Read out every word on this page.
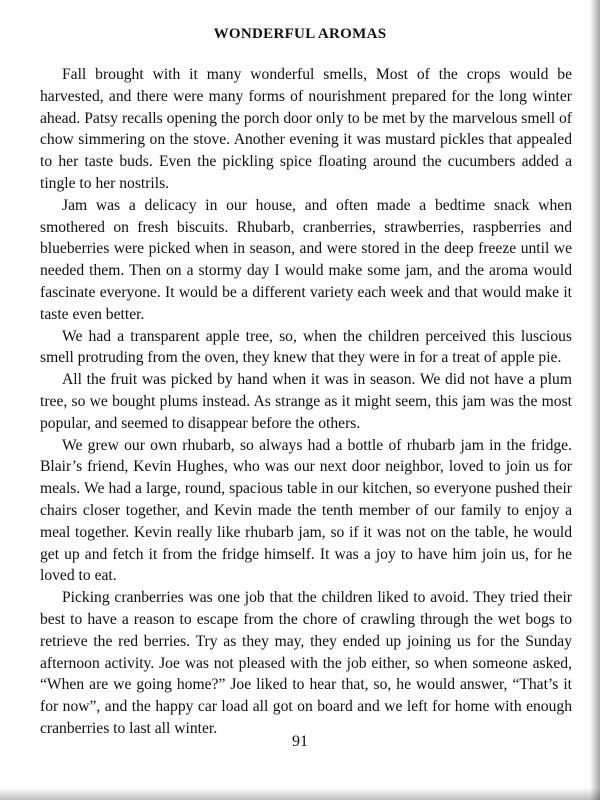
WONDERFUL AROMAS

Fall brought with it many wonderful smells, Most of the crops would be harvested, and there were many forms of nourishment prepared for the long winter ahead. Patsy recalls opening the porch door only to be met by the marvelous smell of chow simmering on the stove. Another evening it was mustard pickles that appealed to her taste buds. Even the pickling spice floating around the cucumbers added a tingle to her nostrils.

Jam was a delicacy in our house, and often made a bedtime snack when smothered on fresh biscuits. Rhubarb, cranberries, strawberries, raspberries and blueberries were picked when in season, and were stored in the deep freeze until we needed them. Then on a stormy day I would make some jam, and the aroma would fascinate everyone. It would be a different variety each week and that would make it taste even better.

We had a transparent apple tree, so, when the children perceived this luscious smell protruding from the oven, they knew that they were in for a treat of apple pie.

All the fruit was picked by hand when it was in season. We did not have a plum tree, so we bought plums instead. As strange as it might seem, this jam was the most popular, and seemed to disappear before the others.

We grew our own rhubarb, so always had a bottle of rhubarb jam in the fridge. Blair’s friend, Kevin Hughes, who was our next door neighbor, loved to join us for meals. We had a large, round, spacious table in our kitchen, so everyone pushed their chairs closer together, and Kevin made the tenth member of our family to enjoy a meal together. Kevin really like rhubarb jam, so if it was not on the table, he would get up and fetch it from the fridge himself. It was a joy to have him join us, for he loved to eat.

Picking cranberries was one job that the children liked to avoid. They tried their best to have a reason to escape from the chore of crawling through the wet bogs to retrieve the red berries. Try as they may, they ended up joining us for the Sunday afternoon activity. Joe was not pleased with the job either, so when someone asked, “When are we going home?” Joe liked to hear that, so, he would answer, “That’s it for now”, and the happy car load all got on board and we left for home with enough cranberries to last all winter.

91
